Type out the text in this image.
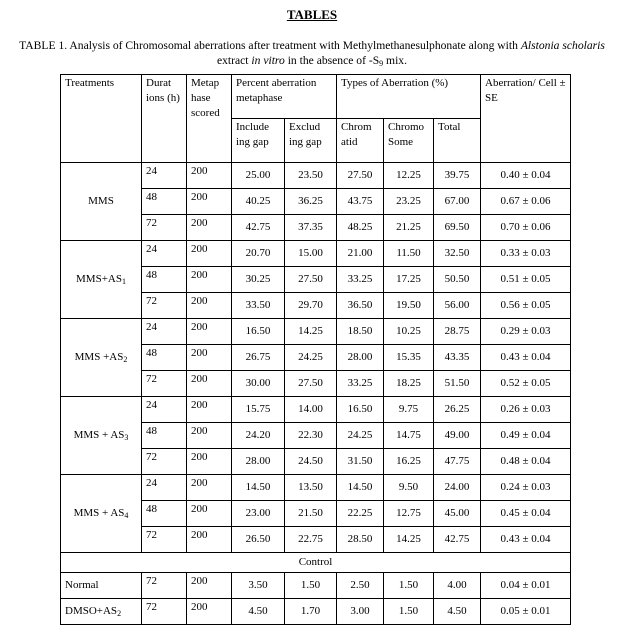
TABLES
TABLE 1. Analysis of Chromosomal aberrations after treatment with Methylmethanesulphonate along with Alstonia scholaris extract in vitro in the absence of $-S_9$ mix.
Treatments	Durat ions (h)	Metap hase scored	Percent aberration metaphase		Types of Aberration (%)			Aberration/ Cell ± SE
			Include ing gap	Exclud ing gap	Chrom atid	Chromo Some	Total	
MMS	24	200	25.00	23.50	27.50	12.25	39.75	0.40 ± 0.04
	48	200	40.25	36.25	43.75	23.25	67.00	0.67 ± 0.06
	72	200	42.75	37.35	48.25	21.25	69.50	0.70 ± 0.06
$MMS+AS_1$	24	200	20.70	15.00	21.00	11.50	32.50	0.33 ± 0.03
	48	200	30.25	27.50	33.25	17.25	50.50	0.51 ± 0.05
	72	200	33.50	29.70	36.50	19.50	56.00	0.56 ± 0.05
MMS $+AS_2$	24	200	16.50	14.25	18.50	10.25	28.75	0.29 ± 0.03
	48	200	26.75	24.25	28.00	15.35	43.35	0.43 ± 0.04
	72	200	30.00	27.50	33.25	18.25	51.50	0.52 ± 0.05
MMS + $AS_3$	24	200	15.75	14.00	16.50	9.75	26.25	0.26 ± 0.03
	48	200	24.20	22.30	24.25	14.75	49.00	0.49 ± 0.04
	72	200	28.00	24.50	31.50	16.25	47.75	0.48 ± 0.04
MMS + $AS_4$	24	200	14.50	13.50	14.50	9.50	24.00	0.24 ± 0.03
	48	200	23.00	21.50	22.25	12.75	45.00	0.45 ± 0.04
	72	200	26.50	22.75	28.50	14.25	42.75	0.43 ± 0.04
Control								
Normal	72	200	3.50	1.50	2.50	1.50	4.00	0.04 ± 0.01
$DMSO+AS_2$	72	200	4.50	1.70	3.00	1.50	4.50	0.05 ± 0.01
